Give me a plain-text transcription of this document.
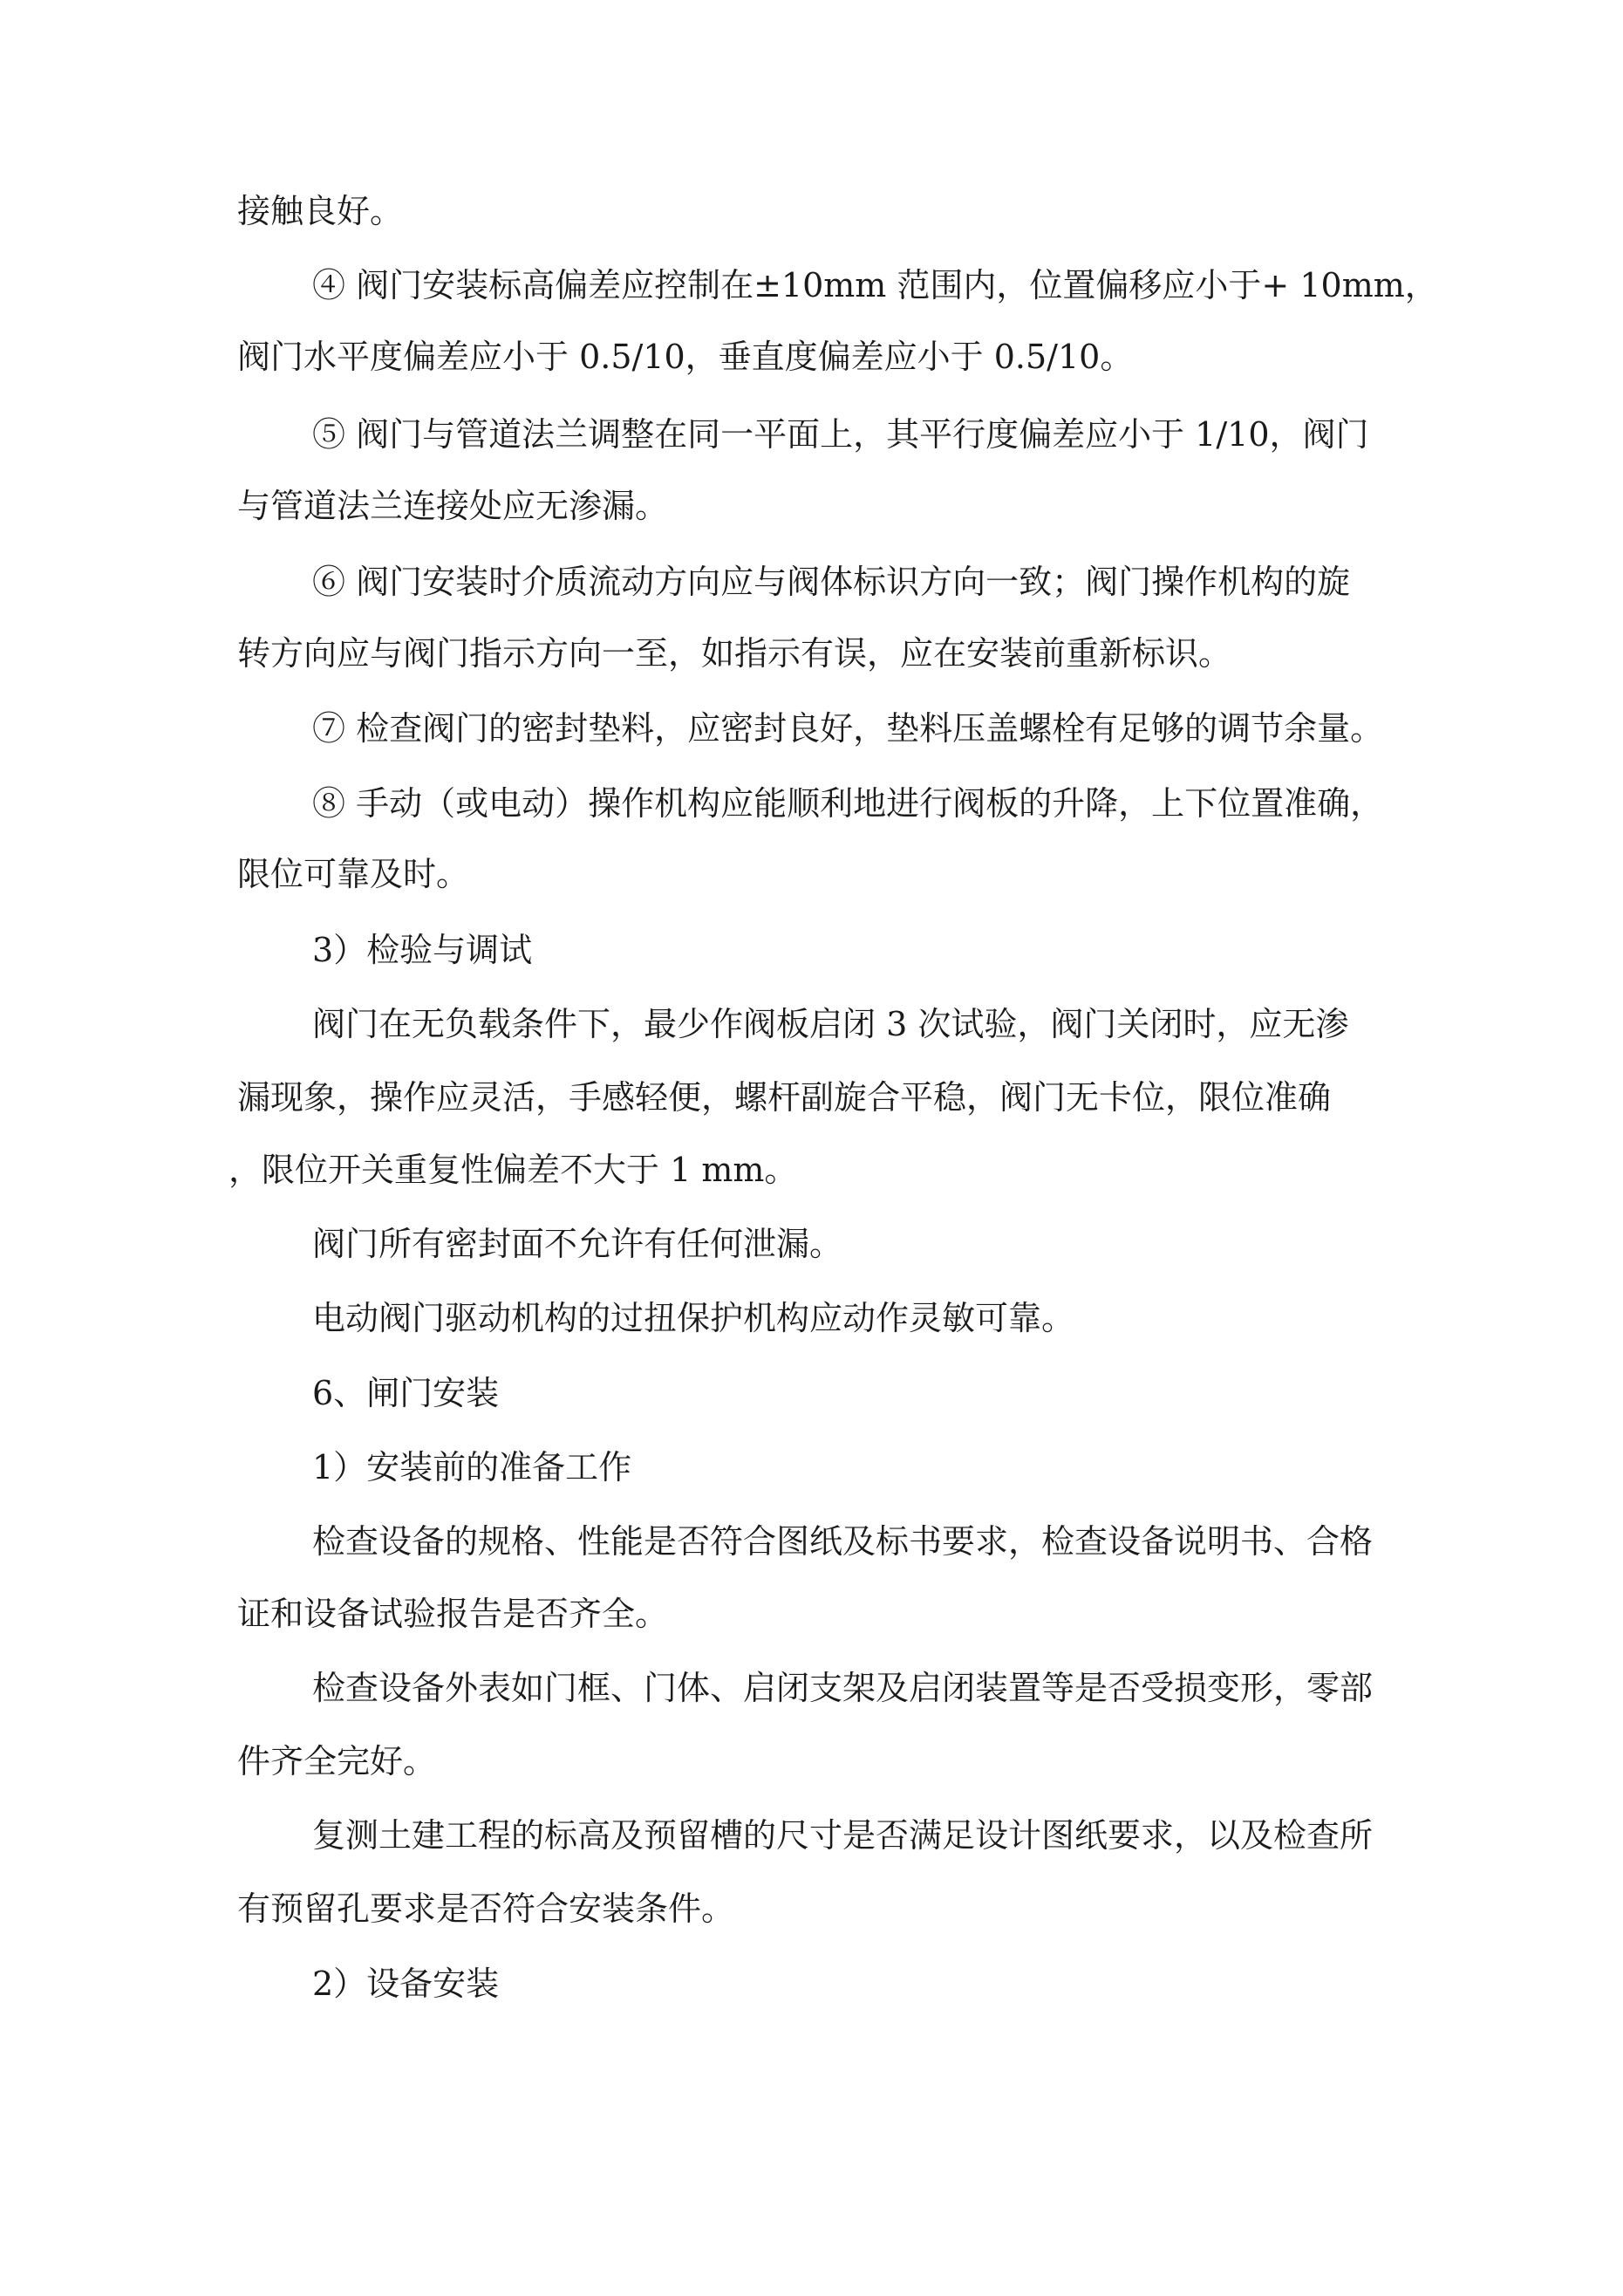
接触良好。
④ 阀门安装标高偏差应控制在±10mm 范围内，位置偏移应小于+ 10mm，
阀门水平度偏差应小于 0.5/10，垂直度偏差应小于 0.5/10。
⑤ 阀门与管道法兰调整在同一平面上，其平行度偏差应小于 1/10，阀门
与管道法兰连接处应无渗漏。
⑥ 阀门安装时介质流动方向应与阀体标识方向一致；阀门操作机构的旋
转方向应与阀门指示方向一至，如指示有误，应在安装前重新标识。
⑦ 检查阀门的密封垫料，应密封良好，垫料压盖螺栓有足够的调节余量。
⑧ 手动（或电动）操作机构应能顺利地进行阀板的升降，上下位置准确，
限位可靠及时。
3）检验与调试
阀门在无负载条件下，最少作阀板启闭 3 次试验，阀门关闭时，应无渗
漏现象，操作应灵活，手感轻便，螺杆副旋合平稳，阀门无卡位，限位准确
，限位开关重复性偏差不大于 1 mm。
阀门所有密封面不允许有任何泄漏。
电动阀门驱动机构的过扭保护机构应动作灵敏可靠。
6、闸门安装
1）安装前的准备工作
检查设备的规格、性能是否符合图纸及标书要求，检查设备说明书、合格
证和设备试验报告是否齐全。
检查设备外表如门框、门体、启闭支架及启闭装置等是否受损变形，零部
件齐全完好。
复测土建工程的标高及预留槽的尺寸是否满足设计图纸要求，以及检查所
有预留孔要求是否符合安装条件。
2）设备安装
